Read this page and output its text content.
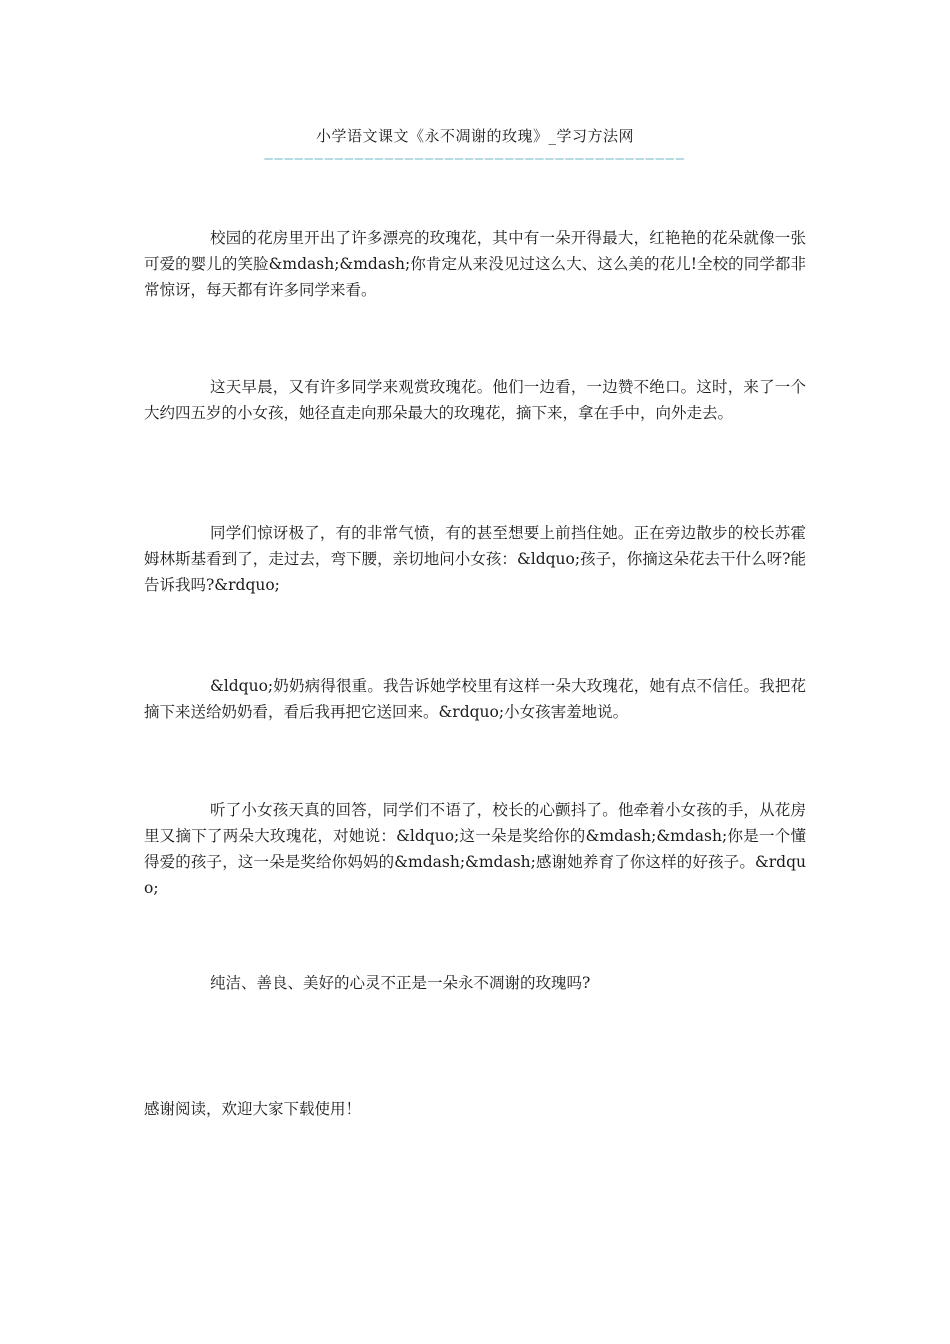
小学语文课文《永不凋谢的玫瑰》_学习方法网
——————————————————————————————————————————

校园的花房里开出了许多漂亮的玫瑰花，其中有一朵开得最大，红艳艳的花朵就像一张可爱的婴儿的笑脸&mdash;&mdash;你肯定从来没见过这么大、这么美的花儿!全校的同学都非常惊讶，每天都有许多同学来看。

这天早晨，又有许多同学来观赏玫瑰花。他们一边看，一边赞不绝口。这时，来了一个大约四五岁的小女孩，她径直走向那朵最大的玫瑰花，摘下来，拿在手中，向外走去。

同学们惊讶极了，有的非常气愤，有的甚至想要上前挡住她。正在旁边散步的校长苏霍姆林斯基看到了，走过去，弯下腰，亲切地问小女孩：&ldquo;孩子，你摘这朵花去干什么呀?能告诉我吗?&rdquo;

&ldquo;奶奶病得很重。我告诉她学校里有这样一朵大玫瑰花，她有点不信任。我把花摘下来送给奶奶看，看后我再把它送回来。&rdquo;小女孩害羞地说。

听了小女孩天真的回答，同学们不语了，校长的心颤抖了。他牵着小女孩的手，从花房里又摘下了两朵大玫瑰花，对她说：&ldquo;这一朵是奖给你的&mdash;&mdash;你是一个懂得爱的孩子，这一朵是奖给你妈妈的&mdash;&mdash;感谢她养育了你这样的好孩子。&rdquo;

纯洁、善良、美好的心灵不正是一朵永不凋谢的玫瑰吗?

感谢阅读，欢迎大家下载使用！
